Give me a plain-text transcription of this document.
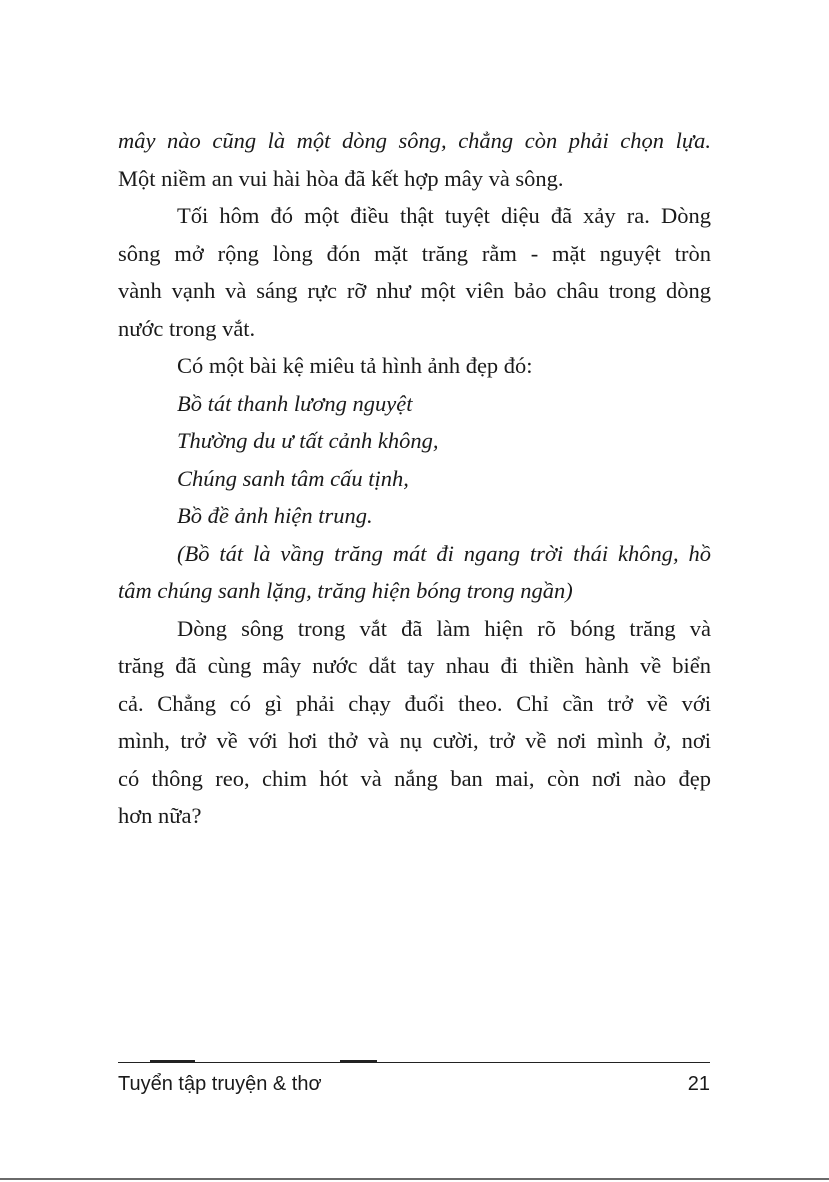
mây nào cũng là một dòng sông, chẳng còn phải chọn lựa.
Một niềm an vui hài hòa đã kết hợp mây và sông.
Tối hôm đó một điều thật tuyệt diệu đã xảy ra. Dòng
sông mở rộng lòng đón mặt trăng rằm - mặt nguyệt tròn
vành vạnh và sáng rực rỡ như một viên bảo châu trong dòng
nước trong vắt.
Có một bài kệ miêu tả hình ảnh đẹp đó:
Bồ tát thanh lương nguyệt
Thường du ư tất cảnh không,
Chúng sanh tâm cấu tịnh,
Bồ đề ảnh hiện trung.
(Bồ tát là vầng trăng mát đi ngang trời thái không, hồ
tâm chúng sanh lặng, trăng hiện bóng trong ngần)
Dòng sông trong vắt đã làm hiện rõ bóng trăng và
trăng đã cùng mây nước dắt tay nhau đi thiền hành về biển
cả. Chẳng có gì phải chạy đuổi theo. Chỉ cần trở về với
mình, trở về với hơi thở và nụ cười, trở về nơi mình ở, nơi
có thông reo, chim hót và nắng ban mai, còn nơi nào đẹp
hơn nữa?
Tuyển tập truyện & thơ	21
